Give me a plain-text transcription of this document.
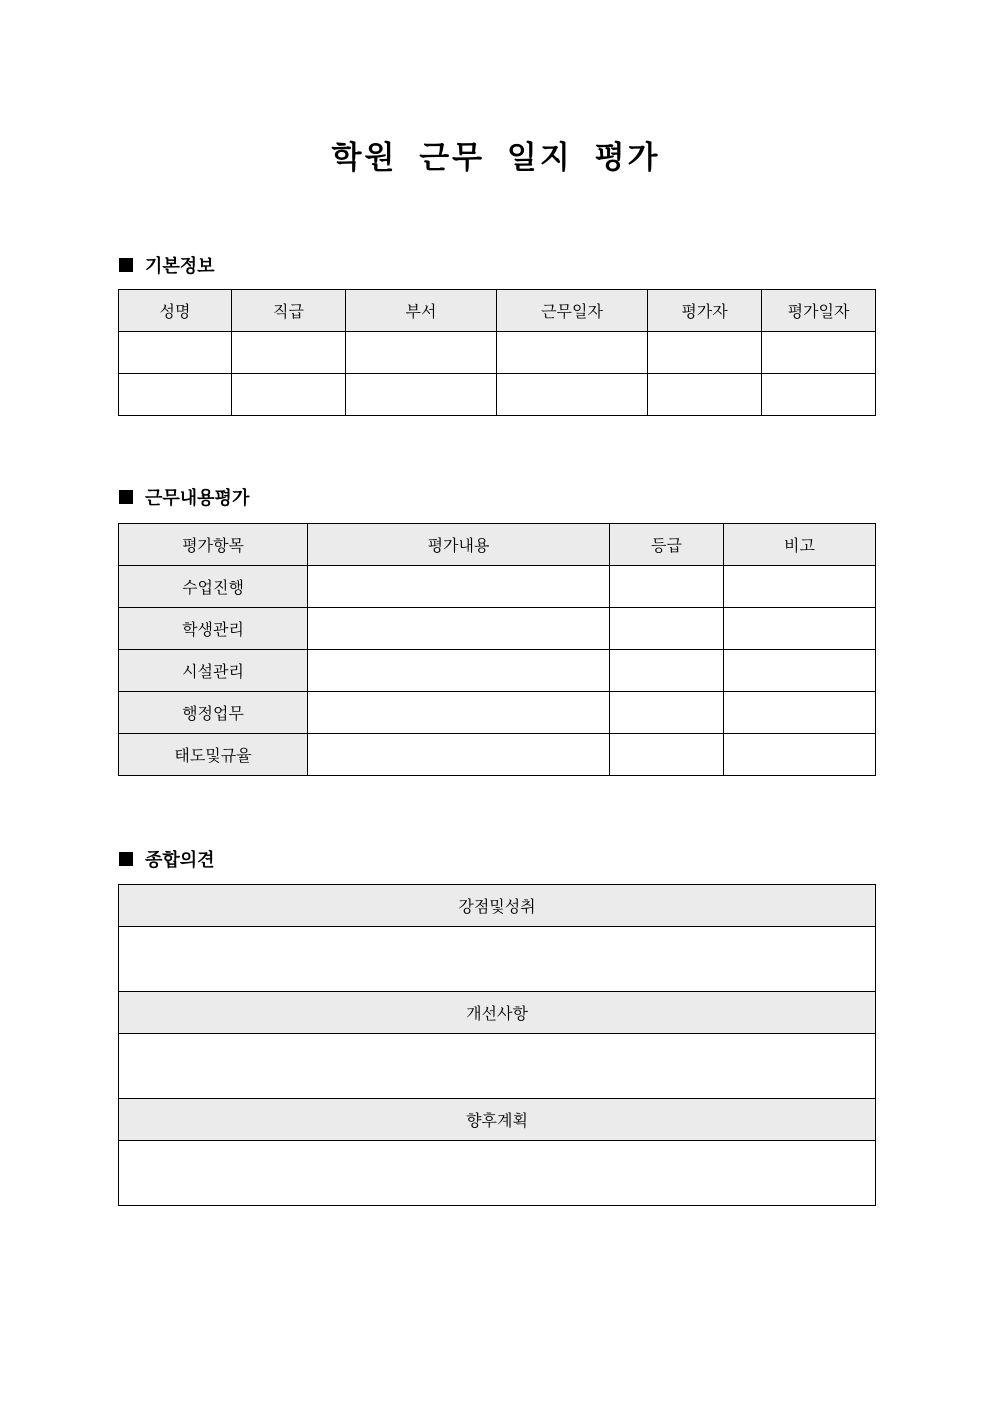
학원 근무 일지 평가
기본정보
성명	직급	부서	근무일자	평가자	평가일자

근무내용평가
평가항목	평가내용	등급	비고
수업진행			
학생관리			
시설관리			
행정업무			
태도및규율			
종합의견
강점및성취

개선사항

향후계획
